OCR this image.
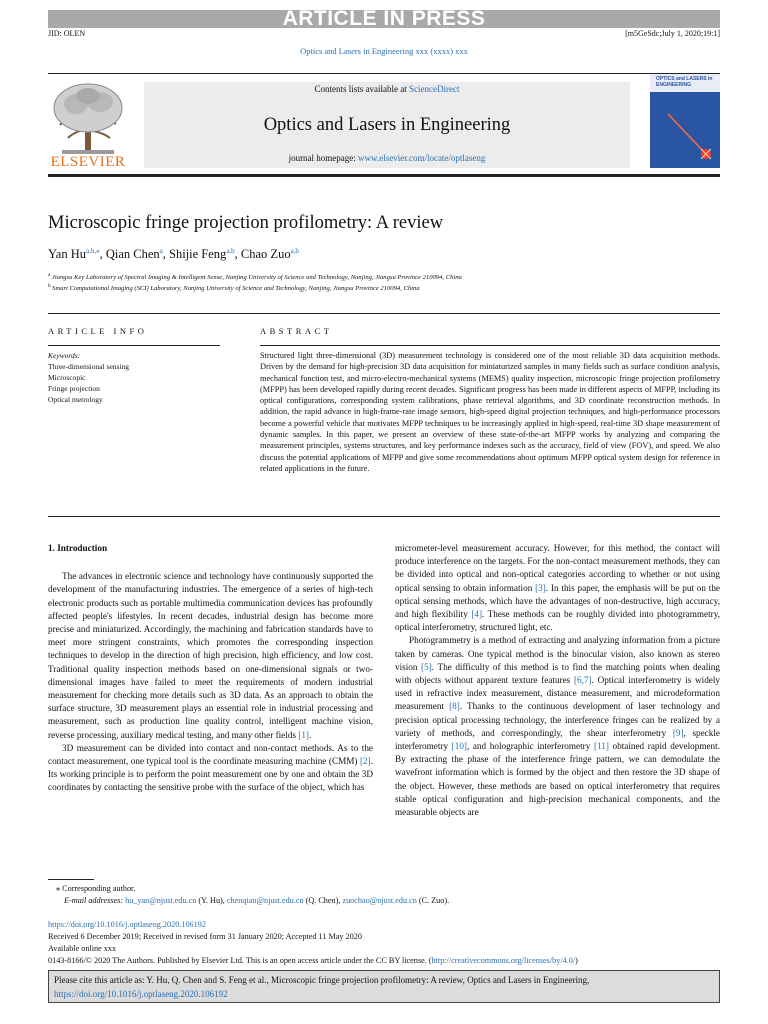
ARTICLE IN PRESS
JID: OLEN	[m5GeSdc;July 1, 2020;19:1]
Optics and Lasers in Engineering xxx (xxxx) xxx
ELSEVIER
Contents lists available at ScienceDirect
Optics and Lasers in Engineering
journal homepage: www.elsevier.com/locate/optlaseng
OPTICS and LASERS in ENGINEERING
Microscopic fringe projection profilometry: A review
Yan $Hu^{a,b,⁎}$, Qian Chen$^a$, Shijie Feng$^{a,b}$, Chao Zuo$^{a,b}$
$^a$ Jiangsu Key Laboratory of Spectral Imaging & Intelligent Sense, Nanjing University of Science and Technology, Nanjing, Jiangsu Province 210094, China
$^b$ Smart Computational Imaging (SCI) Laboratory, Nanjing University of Science and Technology, Nanjing, Jiangsu Province 210094, China
ARTICLE INFO	ABSTRACT
Keywords:
Three-dimensional sensing
Microscopic
Fringe projection
Optical metrology
Structured light three-dimensional (3D) measurement technology is considered one of the most reliable 3D data acquisition methods. Driven by the demand for high-precision 3D data acquisition for miniaturized samples in many fields such as surface condition analysis, mechanical function test, and micro-electro-mechanical systems (MEMS) quality inspection, microscopic fringe projection profilometry (MFPP) has been developed rapidly during recent decades. Significant progress has been made in different aspects of MFPP, including its optical configurations, corresponding system calibrations, phase retrieval algorithms, and 3D coordinate reconstruction methods. In addition, the rapid advance in high-frame-rate image sensors, high-speed digital projection techniques, and high-performance processors become a powerful vehicle that motivates MFPP techniques to be increasingly applied in high-speed, real-time 3D shape measurement of dynamic samples. In this paper, we present an overview of these state-of-the-art MFPP works by analyzing and comparing the measurement principles, systems structures, and key performance indexes such as the accuracy, field of view (FOV), and speed. We also discuss the potential applications of MFPP and give some recommendations about optimum MFPP optical system design for reference in related applications in the future.
1. Introduction

The advances in electronic science and technology have continuously supported the development of the manufacturing industries. The emergence of a series of high-tech electronic products such as portable multimedia communication devices has profoundly affected people's lifestyles. In recent decades, industrial design has become more precise and miniaturized. Accordingly, the machining and fabrication standards have to meet more stringent constraints, which promotes the corresponding inspection techniques to develop in the direction of high precision, high efficiency, and low cost. Traditional quality inspection methods based on one-dimensional signals or two-dimensional images have failed to meet the requirements of modern industrial measurement for checking more details such as 3D data. As an approach to obtain the surface structure, 3D measurement plays an essential role in industrial processing and measurement, such as production line quality control, intelligent machine vision, reverse processing, auxiliary medical testing, and many other fields [1].

3D measurement can be divided into contact and non-contact methods. As to the contact measurement, one typical tool is the coordinate measuring machine (CMM) [2]. Its working principle is to perform the point measurement one by one and obtain the 3D coordinates by contacting the sensitive probe with the surface of the object, which has

micrometer-level measurement accuracy. However, for this method, the contact will produce interference on the targets. For the non-contact measurement methods, they can be divided into optical and non-optical categories according to whether or not using optical sensing to obtain information [3]. In this paper, the emphasis will be put on the optical sensing methods, which have the advantages of non-destructive, high accuracy, and high flexibility [4]. These methods can be roughly divided into photogrammetry, optical interferometry, structured light, etc.

Photogrammetry is a method of extracting and analyzing information from a picture taken by cameras. One typical method is the binocular vision, also known as stereo vision [5]. The difficulty of this method is to find the matching points when dealing with objects without apparent texture features [6,7]. Optical interferometry is widely used in refractive index measurement, distance measurement, and microdeformation measurement [8]. Thanks to the continuous development of laser technology and precision optical processing technology, the interference fringes can be realized by a variety of methods, and correspondingly, the shear interferometry [9], speckle interferometry [10], and holographic interferometry [11] obtained rapid development. By extracting the phase of the interference fringe pattern, we can demodulate the wavefront information which is formed by the object and then restore the 3D shape of the object. However, these methods are based on optical interferometry that requires stable optical configuration and high-precision mechanical components, and the measurable objects are

⁎ Corresponding author.
E-mail addresses: hu_yan@njust.edu.cn (Y. Hu), chenqian@njust.edu.cn (Q. Chen), zuochao@njust.edu.cn (C. Zuo).
https://doi.org/10.1016/j.optlaseng.2020.106192
Received 6 December 2019; Received in revised form 31 January 2020; Accepted 11 May 2020
Available online xxx
0143-8166/© 2020 The Authors. Published by Elsevier Ltd. This is an open access article under the CC BY license. (http://creativecommons.org/licenses/by/4.0/)
Please cite this article as: Y. Hu, Q. Chen and S. Feng et al., Microscopic fringe projection profilometry: A review, Optics and Lasers in Engineering,
https://doi.org/10.1016/j.optlaseng.2020.106192
